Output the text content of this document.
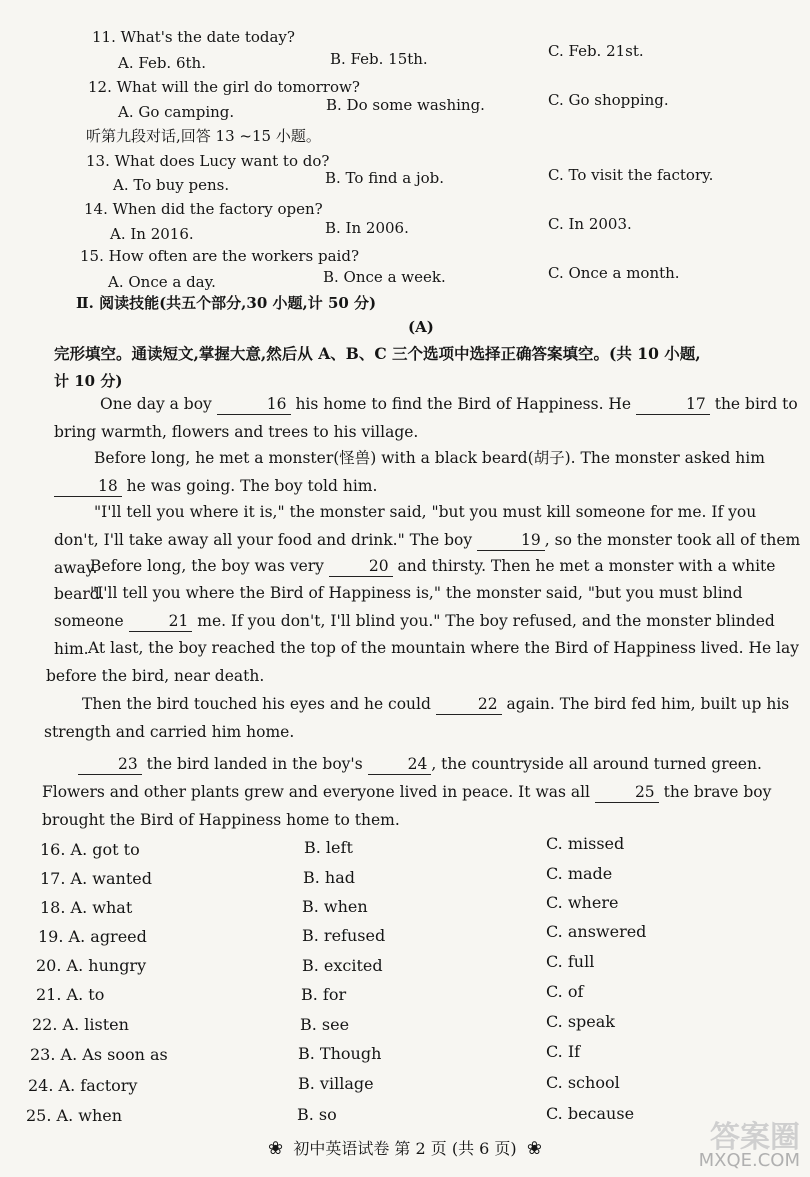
11. What's the date today?
A. Feb. 6th.	B. Feb. 15th.	C. Feb. 21st.
12. What will the girl do tomorrow?
A. Go camping.	B. Do some washing.	C. Go shopping.
听第九段对话,回答 13 ~15 小题。
13. What does Lucy want to do?
A. To buy pens.	B. To find a job.	C. To visit the factory.
14. When did the factory open?
A. In 2016.	B. In 2006.	C. In 2003.
15. How often are the workers paid?
A. Once a day.	B. Once a week.	C. Once a month.
Ⅱ. 阅读技能(共五个部分,30 小题,计 50 分)
(A)
完形填空。通读短文,掌握大意,然后从 A、B、C 三个选项中选择正确答案填空。(共 10 小题,
计 10 分)
One day a boy	16 his home to find the Bird of Happiness. He	17 the bird to bring warmth, flowers and trees to his village.
Before long, he met a monster(怪兽) with a black beard(胡子). The monster asked him 18 he was going. The boy told him.
"I'll tell you where it is," the monster said, "but you must kill someone for me. If you don't, I'll take away all your food and drink." The boy	19 , so the monster took all of them away.
Before long, the boy was very	20 and thirsty. Then he met a monster with a white beard.
"I'll tell you where the Bird of Happiness is," the monster said, "but you must blind someone	21 me. If you don't, I'll blind you." The boy refused, and the monster blinded him. At last, the boy reached the top of the mountain where the Bird of Happiness lived. He lay before the bird, near death.
Then the bird touched his eyes and he could	22 again. The bird fed him, built up his strength and carried him home.
23 the bird landed in the boy's	24 , the countryside all around turned green. Flowers and other plants grew and everyone lived in peace. It was all	25 the brave boy brought the Bird of Happiness home to them.
16. A. got to	B. left	C. missed
17. A. wanted	B. had	C. made
18. A. what	B. when	C. where
19. A. agreed	B. refused	C. answered
20. A. hungry	B. excited	C. full
21. A. to	B. for	C. of
22. A. listen	B. see	C. speak
23. A. As soon as	B. Though	C. If
24. A. factory	B. village	C. school
25. A. when	B. so	C. because
❀ 初中英语试卷 第 2 页 (共 6 页) ❀	答案圈
MXQE.COM
